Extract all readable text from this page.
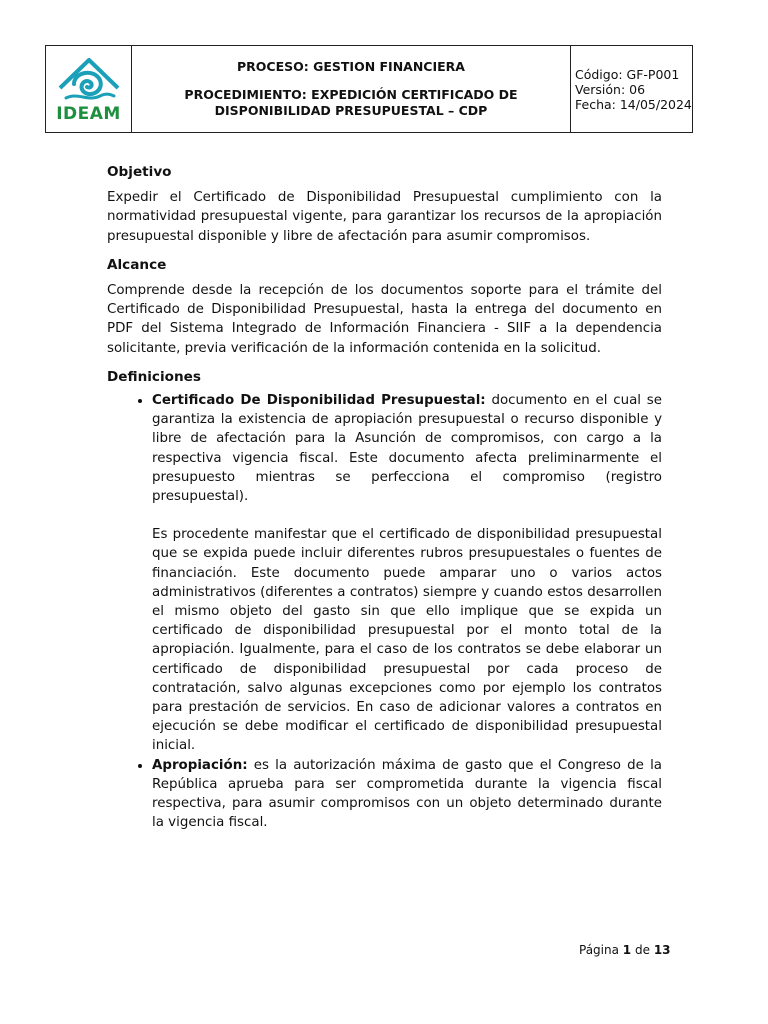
IDEAM

PROCESO: GESTION FINANCIERA
PROCEDIMIENTO: EXPEDICIÓN CERTIFICADO DE DISPONIBILIDAD PRESUPUESTAL – CDP

Código: GF-P001
Versión: 06
Fecha: 14/05/2024
Objetivo

Expedir el Certificado de Disponibilidad Presupuestal cumplimiento con la normatividad presupuestal vigente, para garantizar los recursos de la apropiación presupuestal disponible y libre de afectación para asumir compromisos.

Alcance

Comprende desde la recepción de los documentos soporte para el trámite del Certificado de Disponibilidad Presupuestal, hasta la entrega del documento en PDF del Sistema Integrado de Información Financiera - SIIF a la dependencia solicitante, previa verificación de la información contenida en la solicitud.

Definiciones
• Certificado De Disponibilidad Presupuestal: documento en el cual se garantiza la existencia de apropiación presupuestal o recurso disponible y libre de afectación para la Asunción de compromisos, con cargo a la respectiva vigencia fiscal. Este documento afecta preliminarmente el presupuesto mientras se perfecciona el compromiso (registro presupuestal).

Es procedente manifestar que el certificado de disponibilidad presupuestal que se expida puede incluir diferentes rubros presupuestales o fuentes de financiación. Este documento puede amparar uno o varios actos administrativos (diferentes a contratos) siempre y cuando estos desarrollen el mismo objeto del gasto sin que ello implique que se expida un certificado de disponibilidad presupuestal por el monto total de la apropiación. Igualmente, para el caso de los contratos se debe elaborar un certificado de disponibilidad presupuestal por cada proceso de contratación, salvo algunas excepciones como por ejemplo los contratos para prestación de servicios. En caso de adicionar valores a contratos en ejecución se debe modificar el certificado de disponibilidad presupuestal inicial.

• Apropiación: es la autorización máxima de gasto que el Congreso de la República aprueba para ser comprometida durante la vigencia fiscal respectiva, para asumir compromisos con un objeto determinado durante la vigencia fiscal.
Página 1 de 13
